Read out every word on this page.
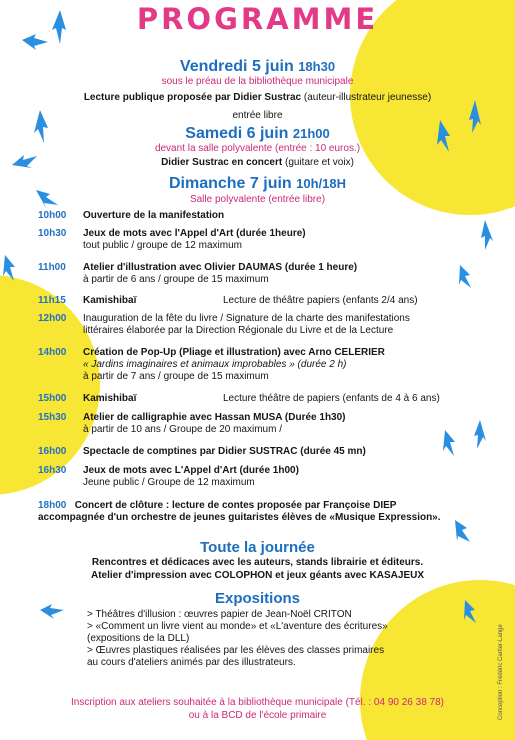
Conception : Frédéric Cartier-Lange
PROGRAMME
Vendredi 5 juin 18h30
sous le préau de la bibliothèque municipale
Lecture publique proposée par Didier Sustrac (auteur-illustrateur jeunesse)
entrée libre
Samedi 6 juin 21h00
devant la salle polyvalente (entrée : 10 euros.)
Didier Sustrac en concert (guitare et voix)
Dimanche 7 juin 10h/18H
Salle polyvalente (entrée libre)
10h00 Ouverture de la manifestation
10h30 Jeux de mots avec l'Appel d'Art (durée 1heure)
tout public / groupe de 12 maximum
11h00 Atelier d'illustration avec Olivier DAUMAS (durée 1 heure)
à partir de 6 ans / groupe de 15 maximum
11h15 Kamishibaï	Lecture de théâtre papiers (enfants 2/4 ans)
12h00 Inauguration de la fête du livre / Signature de la charte des manifestations
littéraires élaborée par la Direction Régionale du Livre et de la Lecture
14h00 Création de Pop-Up (Pliage et illustration) avec Arno CELERIER
« Jardins imaginaires et animaux improbables » (durée 2 h)
à partir de 7 ans / groupe de 15 maximum
15h00 Kamishibaï	Lecture théâtre de papiers (enfants de 4 à 6 ans)
15h30 Atelier de calligraphie avec Hassan MUSA (Durée 1h30)
à partir de 10 ans / Groupe de 20 maximum /
16h00 Spectacle de comptines par Didier SUSTRAC (durée 45 mn)
16h30 Jeux de mots avec L'Appel d'Art (durée 1h00)
Jeune public / Groupe de 12 maximum
18h00 Concert de clôture : lecture de contes proposée par Françoise DIEP
accompagnée d'un orchestre de jeunes guitaristes élèves de «Musique Expression».
Toute la journée
Rencontres et dédicaces avec les auteurs, stands librairie et éditeurs.
Atelier d'impression avec COLOPHON et jeux géants avec KASAJEUX
Expositions
> Théâtres d'illusion : œuvres papier de Jean-Noël CRITON
> «Comment un livre vient au monde» et «L'aventure des écritures»
(expositions de la DLL)
> Œuvres plastiques réalisées par les élèves des classes primaires
au cours d'ateliers animés par des illustrateurs.
Inscription aux ateliers souhaitée à la bibliothèque municipale (Tél. : 04 90 26 38 78)
ou à la BCD de l'école primaire
